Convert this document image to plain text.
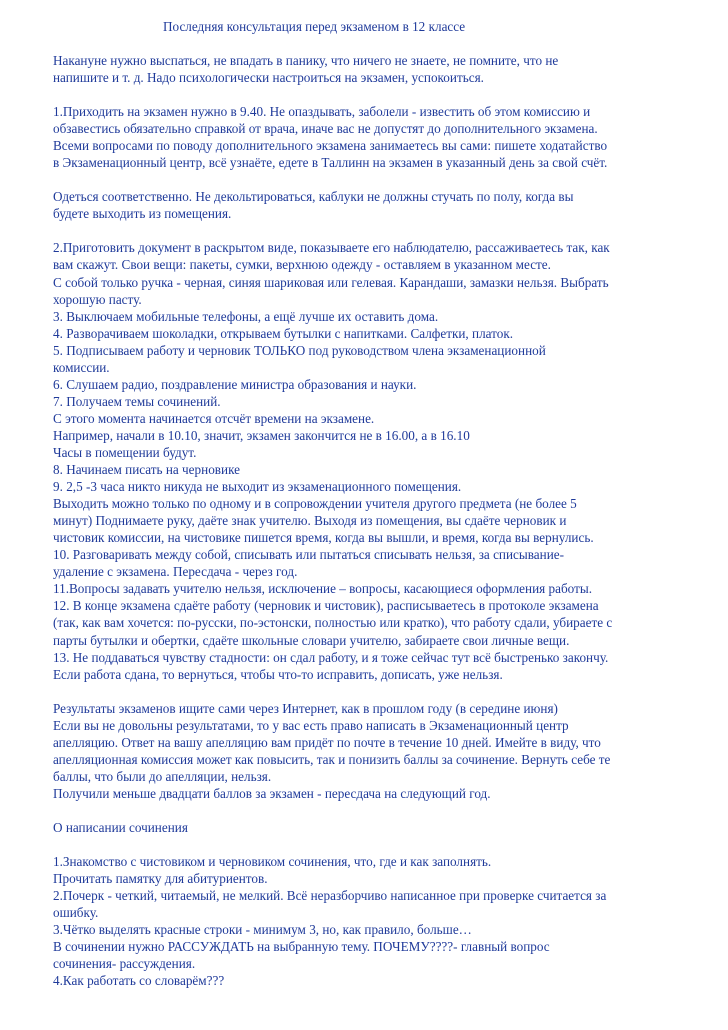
Последняя консультация перед экзаменом в 12 классе
Накануне нужно выспаться, не впадать в панику, что ничего не знаете, не помните, что не
напишите и т. д. Надо психологически настроиться на экзамен, успокоиться.
1.Приходить на экзамен нужно в 9.40. Не опаздывать, заболели - известить об этом комиссию и
обзавестись обязательно справкой от врача, иначе вас не допустят до дополнительного экзамена.
Всеми вопросами по поводу дополнительного экзамена занимаетесь вы сами: пишете ходатайство
в Экзаменационный центр, всё узнаёте, едете в Таллинн на экзамен в указанный день за свой счёт.
Одеться соответственно. Не декольтироваться, каблуки не должны стучать по полу, когда вы
будете выходить из помещения.
2.Приготовить документ в раскрытом виде, показываете его наблюдателю, рассаживаетесь так, как
вам скажут. Свои вещи: пакеты, сумки, верхнюю одежду - оставляем в указанном месте.
С собой только ручка - черная, синяя шариковая или гелевая. Карандаши, замазки нельзя. Выбрать
хорошую пасту.
3. Выключаем мобильные телефоны, а ещё лучше их оставить дома.
4. Разворачиваем шоколадки, открываем бутылки с напитками. Салфетки, платок.
5. Подписываем работу и черновик ТОЛЬКО под руководством члена экзаменационной
комиссии.
6. Слушаем радио, поздравление министра образования и науки.
7. Получаем темы сочинений.
С этого момента начинается отсчёт времени на экзамене.
Например, начали в 10.10, значит, экзамен закончится не в 16.00, а в 16.10
Часы в помещении будут.
8. Начинаем писать на черновике
9. 2,5 -3 часа никто никуда не выходит из экзаменационного помещения.
Выходить можно только по одному и в сопровождении учителя другого предмета (не более 5
минут) Поднимаете руку, даёте знак учителю. Выходя из помещения, вы сдаёте черновик и
чистовик комиссии, на чистовике пишется время, когда вы вышли, и время, когда вы вернулись.
10. Разговаривать между собой, списывать или пытаться списывать нельзя, за списывание-
удаление с экзамена. Пересдача - через год.
11.Вопросы задавать учителю нельзя, исключение – вопросы, касающиеся оформления работы.
12. В конце экзамена сдаёте работу (черновик и чистовик), расписываетесь в протоколе экзамена
(так, как вам хочется: по-русски, по-эстонски, полностью или кратко), что работу сдали, убираете с
парты бутылки и обертки, сдаёте школьные словари учителю, забираете свои личные вещи.
13. Не поддаваться чувству стадности: он сдал работу, и я тоже сейчас тут всё быстренько закончу.
Если работа сдана, то вернуться, чтобы что-то исправить, дописать, уже нельзя.
Результаты экзаменов ищите сами через Интернет, как в прошлом году (в середине июня)
Если вы не довольны результатами, то у вас есть право написать в Экзаменационный центр
апелляцию. Ответ на вашу апелляцию вам придёт по почте в течение 10 дней. Имейте в виду, что
апелляционная комиссия может как повысить, так и понизить баллы за сочинение. Вернуть себе те
баллы, что были до апелляции, нельзя.
Получили меньше двадцати баллов за экзамен - пересдача на следующий год.
О написании сочинения
1.Знакомство с чистовиком и черновиком сочинения, что, где и как заполнять.
Прочитать памятку для абитуриентов.
2.Почерк - четкий, читаемый, не мелкий. Всё неразборчиво написанное при проверке считается за
ошибку.
3.Чётко выделять красные строки - минимум 3, но, как правило, больше…
В сочинении нужно РАССУЖДАТЬ на выбранную тему. ПОЧЕМУ????- главный вопрос
сочинения- рассуждения.
4.Как работать со словарём???
